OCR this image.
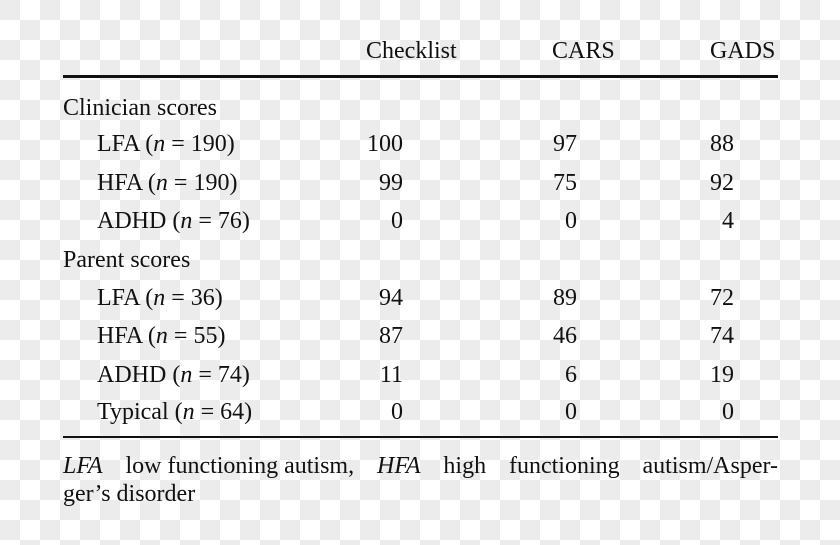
Checklist	CARS	GADS
Clinician scores
LFA (n = 190)	100	97	88
HFA (n = 190)	99	75	92
ADHD (n = 76)	0	0	4
Parent scores
LFA (n = 36)	94	89	72
HFA (n = 55)	87	46	74
ADHD (n = 74)	11	6	19
Typical (n = 64)	0	0	0
LFA low functioning autism, HFA high functioning autism/Asper-
ger’s disorder
